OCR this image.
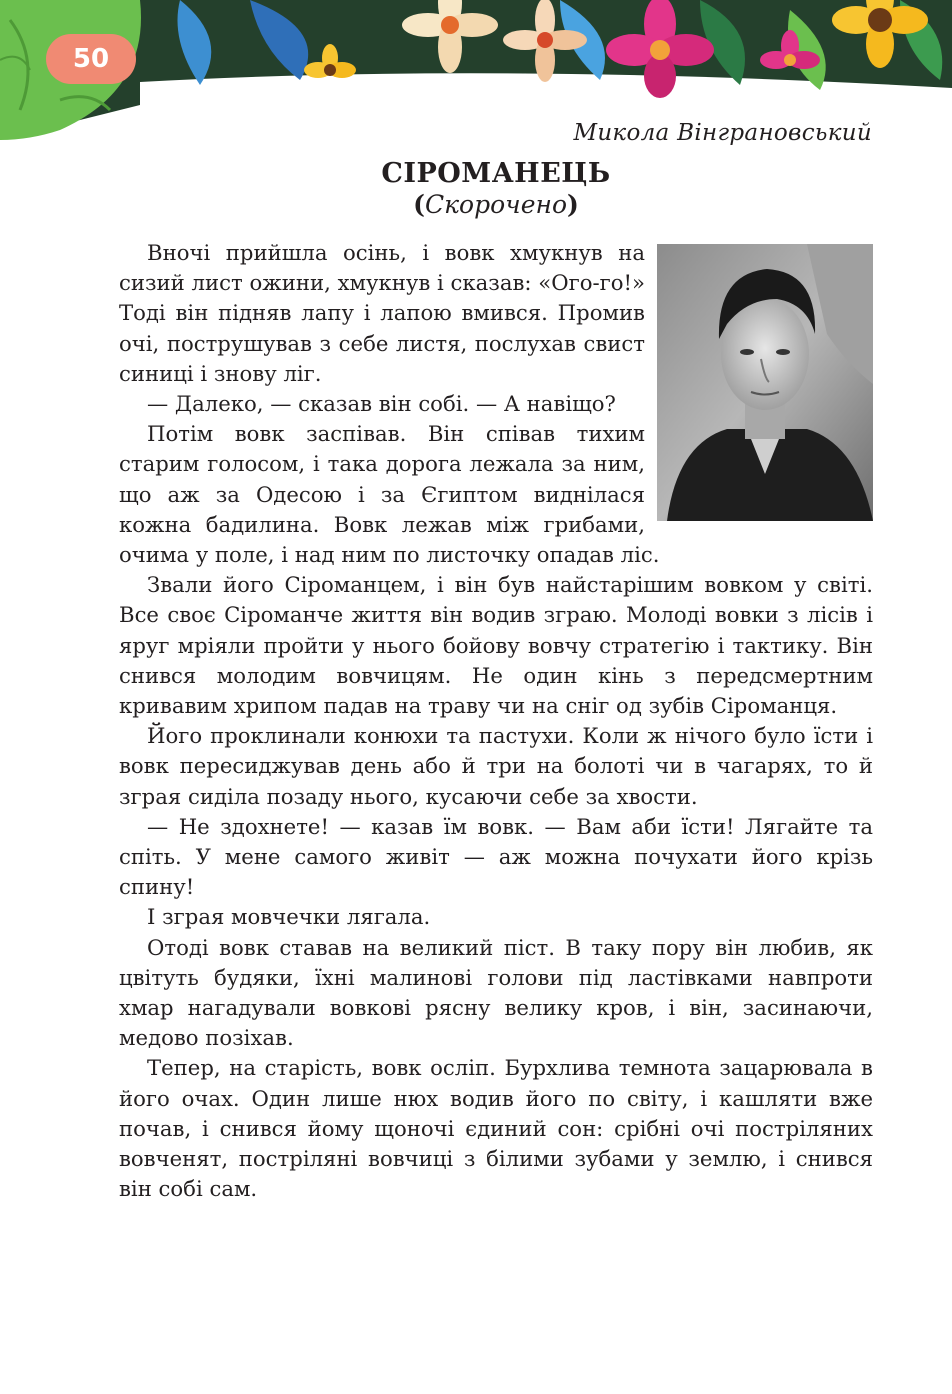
50
Микола Вінграновський
СІРОМАНЕЦЬ
(Скорочено)

Вночі прийшла осінь, і вовк хмукнув на сизий лист ожини, хмукнув і сказав: «Ого-го!» Тоді він підняв лапу і лапою вмився. Промив очі, пострушував з себе листя, послухав свист синиці і знову ліг.

— Далеко, — сказав він собі. — А навіщо?

Потім вовк заспівав. Він співав тихим старим голосом, і така дорога лежала за ним, що аж за Одесою і за Єгиптом виднілася кожна бадилина. Вовк лежав між грибами, очима у поле, і над ним по листочку опадав ліс.

Звали його Сіроманцем, і він був найстарішим вовком у світі. Все своє Сіроманче життя він водив зграю. Молоді вовки з лісів і яруг мріяли пройти у нього бойову вовчу стратегію і тактику. Він снився молодим вовчицям. Не один кінь з передсмертним кривавим хрипом падав на траву чи на сніг од зубів Сіроманця.

Його проклинали конюхи та пастухи. Коли ж нічого було їсти і вовк пересиджував день або й три на болоті чи в чагарях, то й зграя сиділа позаду нього, кусаючи себе за хвости.

— Не здохнете! — казав їм вовк. — Вам аби їсти! Лягайте та спіть. У мене самого живіт — аж можна почухати його крізь спину!

І зграя мовчечки лягала.

Отоді вовк ставав на великий піст. В таку пору він любив, як цвітуть будяки, їхні малинові голови під ластівками навпроти хмар нагадували вовкові рясну велику кров, і він, засинаючи, медово позіхав.

Тепер, на старість, вовк осліп. Бурхлива темнота зацарювала в його очах. Один лише нюх водив його по світу, і кашляти вже почав, і снився йому щоночі єдиний сон: срібні очі постріляних вовченят, постріляні вовчиці з білими зубами у землю, і снився він собі сам.
